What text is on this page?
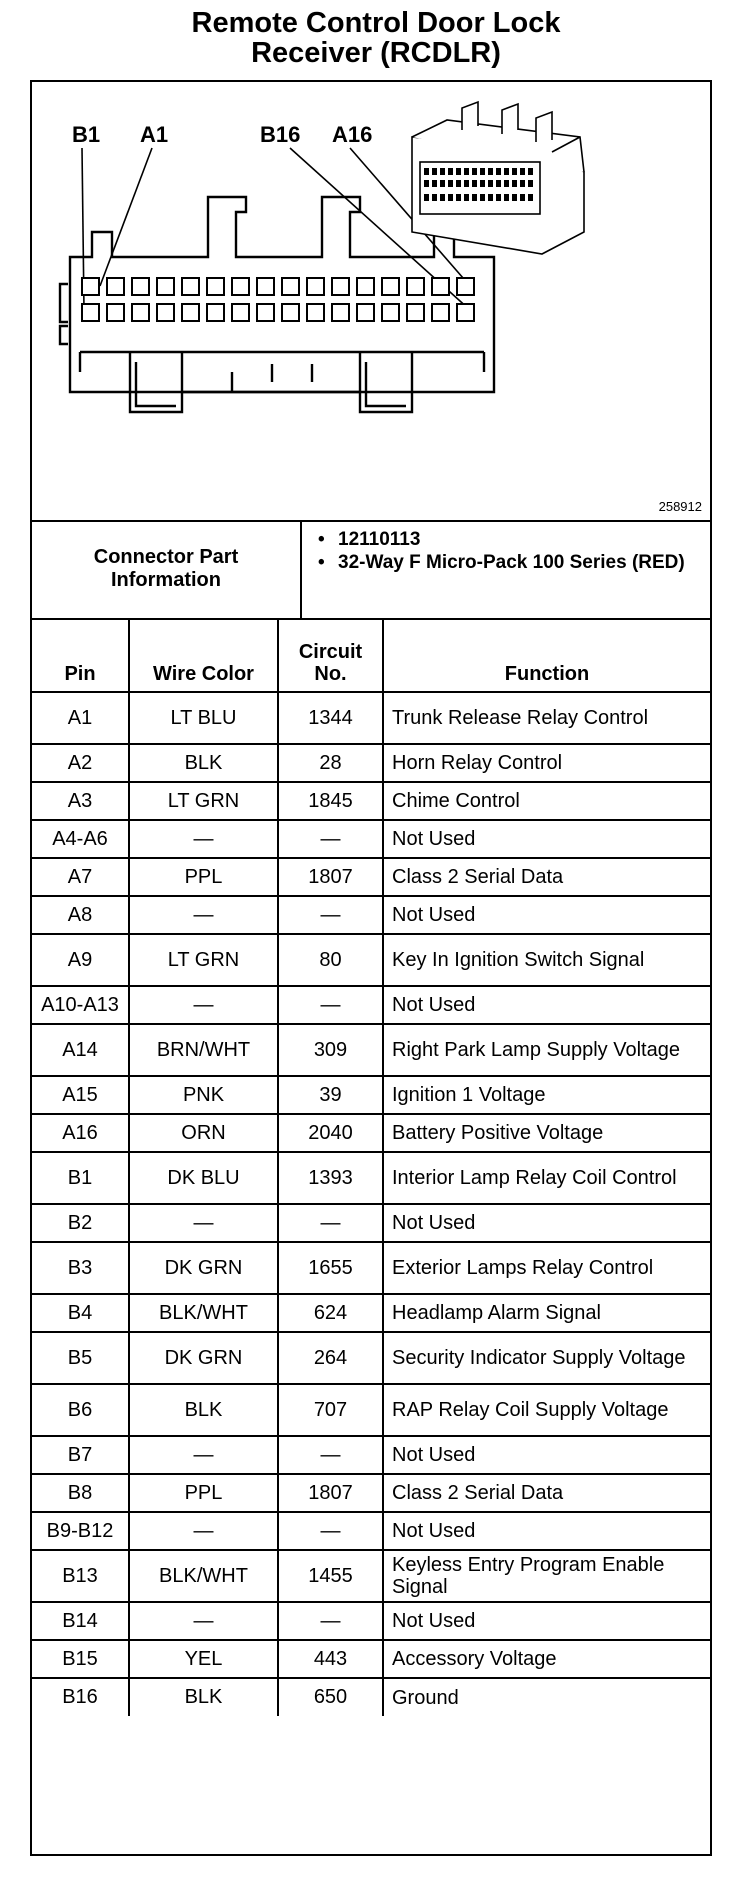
Remote Control Door Lock
Receiver (RCDLR)
B1 A1	B16 A16
258912
Connector Part Information
• 12110113
• 32-Way F Micro-Pack 100 Series (RED)
Pin	Wire Color	Circuit No.	Function
A1	LT BLU	1344	Trunk Release Relay Control
A2	BLK	28	Horn Relay Control
A3	LT GRN	1845	Chime Control
A4-A6	—	—	Not Used
A7	PPL	1807	Class 2 Serial Data
A8	—	—	Not Used
A9	LT GRN	80	Key In Ignition Switch Signal
A10-A13	—	—	Not Used
A14	BRN/WHT	309	Right Park Lamp Supply Voltage
A15	PNK	39	Ignition 1 Voltage
A16	ORN	2040	Battery Positive Voltage
B1	DK BLU	1393	Interior Lamp Relay Coil Control
B2	—	—	Not Used
B3	DK GRN	1655	Exterior Lamps Relay Control
B4	BLK/WHT	624	Headlamp Alarm Signal
B5	DK GRN	264	Security Indicator Supply Voltage
B6	BLK	707	RAP Relay Coil Supply Voltage
B7	—	—	Not Used
B8	PPL	1807	Class 2 Serial Data
B9-B12	—	—	Not Used
B13	BLK/WHT	1455	Keyless Entry Program Enable Signal
B14	—	—	Not Used
B15	YEL	443	Accessory Voltage
B16	BLK	650	Ground
